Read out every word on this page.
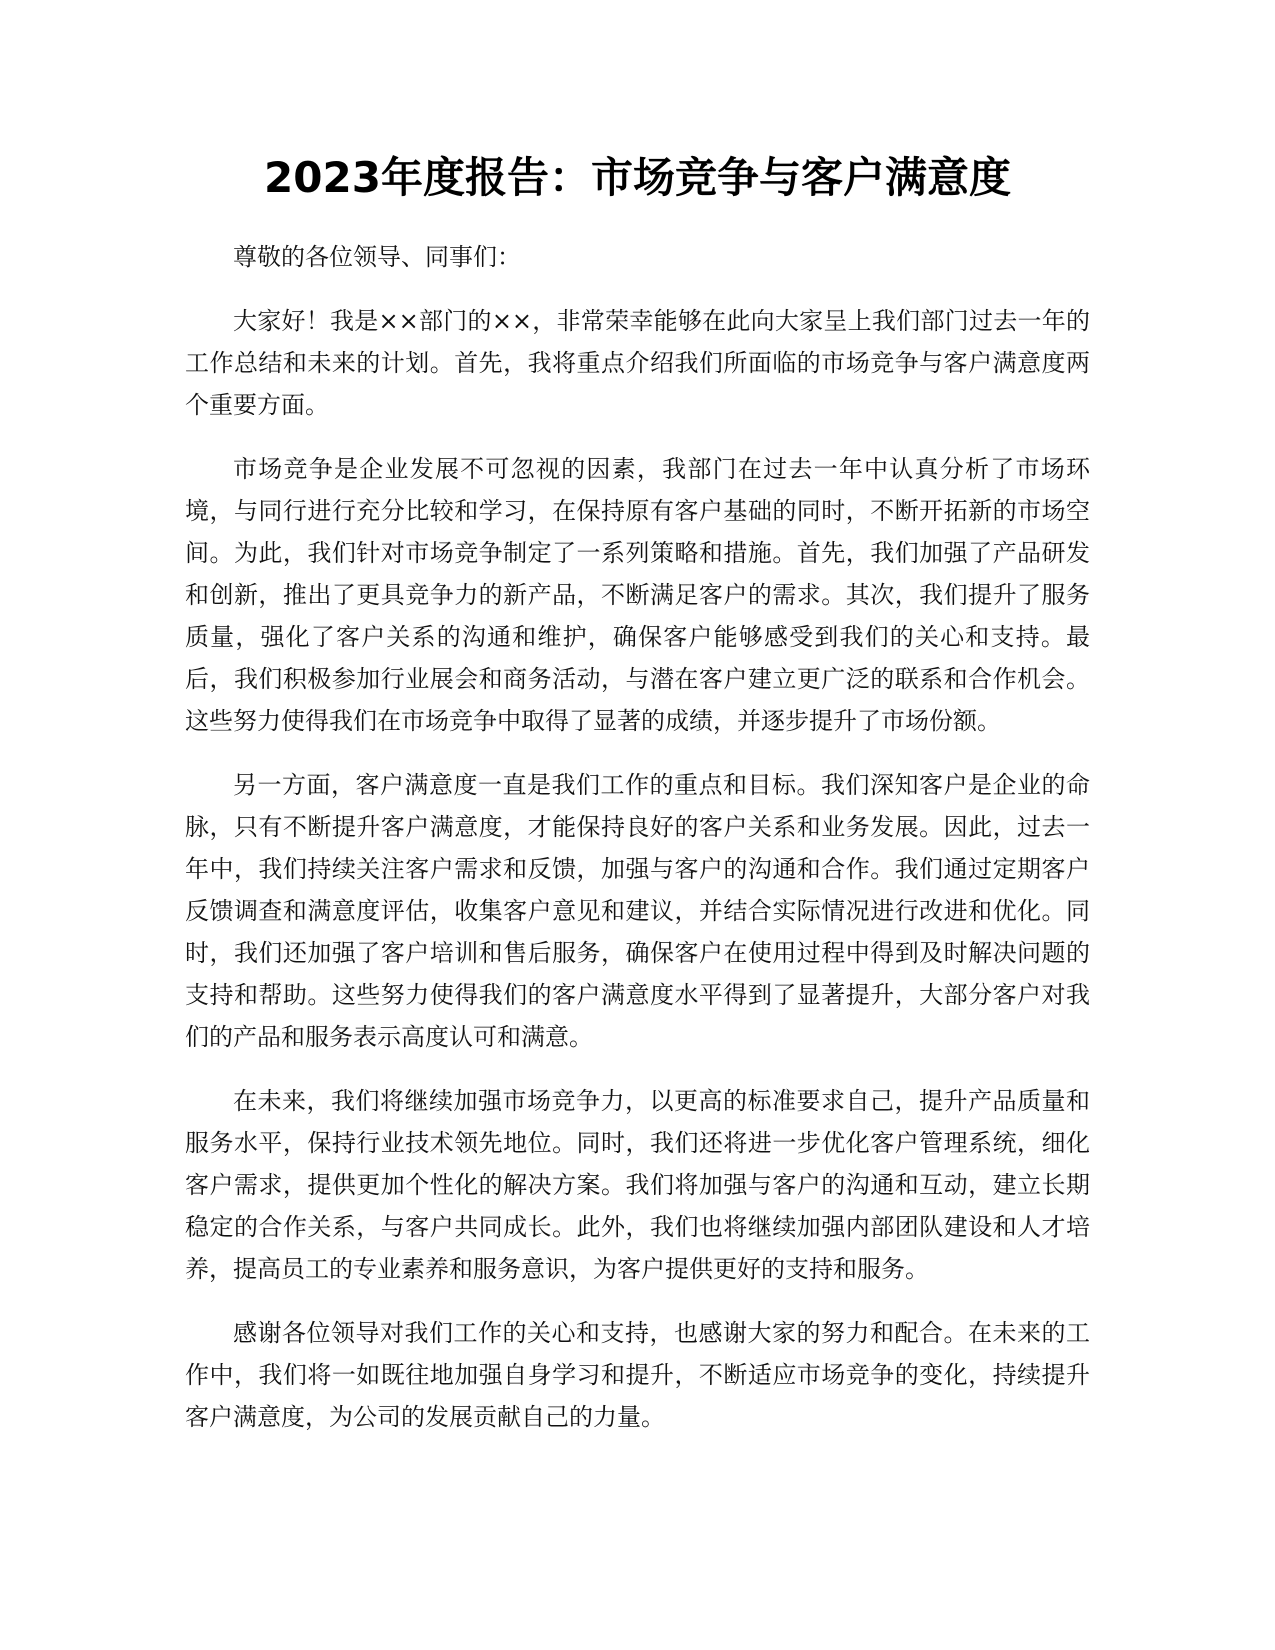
2023年度报告：市场竞争与客户满意度

尊敬的各位领导、同事们：

大家好！我是××部门的××，非常荣幸能够在此向大家呈上我们部门过去一年的工作总结和未来的计划。首先，我将重点介绍我们所面临的市场竞争与客户满意度两个重要方面。

市场竞争是企业发展不可忽视的因素，我部门在过去一年中认真分析了市场环境，与同行进行充分比较和学习，在保持原有客户基础的同时，不断开拓新的市场空间。为此，我们针对市场竞争制定了一系列策略和措施。首先，我们加强了产品研发和创新，推出了更具竞争力的新产品，不断满足客户的需求。其次，我们提升了服务质量，强化了客户关系的沟通和维护，确保客户能够感受到我们的关心和支持。最后，我们积极参加行业展会和商务活动，与潜在客户建立更广泛的联系和合作机会。这些努力使得我们在市场竞争中取得了显著的成绩，并逐步提升了市场份额。

另一方面，客户满意度一直是我们工作的重点和目标。我们深知客户是企业的命脉，只有不断提升客户满意度，才能保持良好的客户关系和业务发展。因此，过去一年中，我们持续关注客户需求和反馈，加强与客户的沟通和合作。我们通过定期客户反馈调查和满意度评估，收集客户意见和建议，并结合实际情况进行改进和优化。同时，我们还加强了客户培训和售后服务，确保客户在使用过程中得到及时解决问题的支持和帮助。这些努力使得我们的客户满意度水平得到了显著提升，大部分客户对我们的产品和服务表示高度认可和满意。

在未来，我们将继续加强市场竞争力，以更高的标准要求自己，提升产品质量和服务水平，保持行业技术领先地位。同时，我们还将进一步优化客户管理系统，细化客户需求，提供更加个性化的解决方案。我们将加强与客户的沟通和互动，建立长期稳定的合作关系，与客户共同成长。此外，我们也将继续加强内部团队建设和人才培养，提高员工的专业素养和服务意识，为客户提供更好的支持和服务。

感谢各位领导对我们工作的关心和支持，也感谢大家的努力和配合。在未来的工作中，我们将一如既往地加强自身学习和提升，不断适应市场竞争的变化，持续提升客户满意度，为公司的发展贡献自己的力量。
